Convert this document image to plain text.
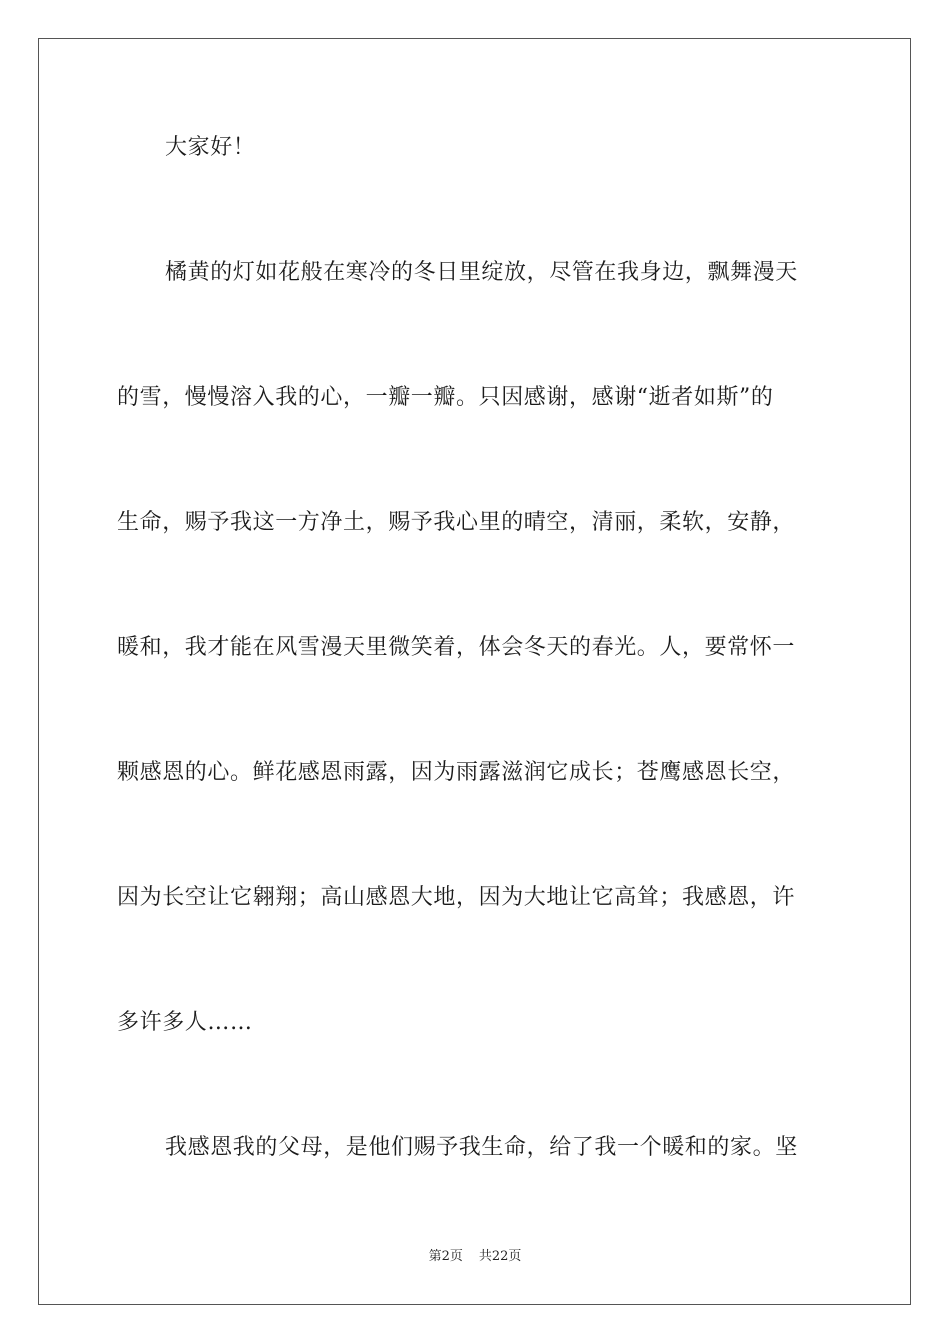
大家好！
橘黄的灯如花般在寒冷的冬日里绽放，尽管在我身边，飘舞漫天
的雪，慢慢溶入我的心，一瓣一瓣。只因感谢，感谢“逝者如斯”的
生命，赐予我这一方净土，赐予我心里的晴空，清丽，柔软，安静，
暖和，我才能在风雪漫天里微笑着，体会冬天的春光。人，要常怀一
颗感恩的心。鲜花感恩雨露，因为雨露滋润它成长；苍鹰感恩长空，
因为长空让它翱翔；高山感恩大地，因为大地让它高耸；我感恩，许
多许多人……
我感恩我的父母，是他们赐予我生命，给了我一个暖和的家。坚
第2页 共22页
